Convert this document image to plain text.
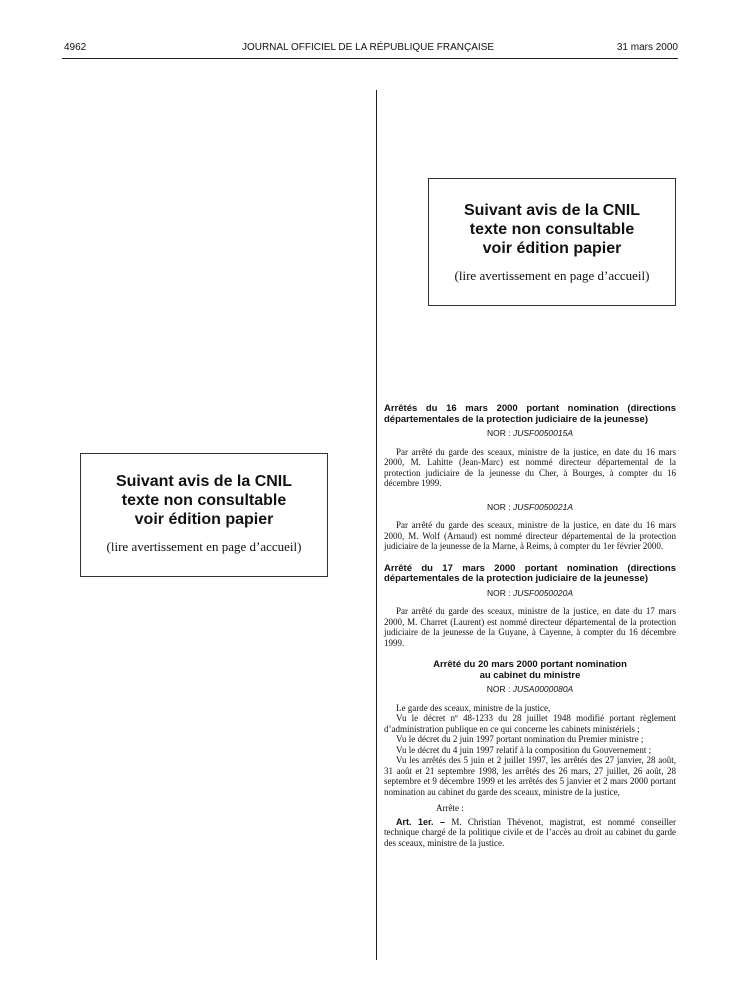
4962	JOURNAL OFFICIEL DE LA RÉPUBLIQUE FRANÇAISE	31 mars 2000
Suivant avis de la CNIL
texte non consultable
voir édition papier
(lire avertissement en page d’accueil)
Suivant avis de la CNIL
texte non consultable
voir édition papier
(lire avertissement en page d’accueil)
Arrêtés du 16 mars 2000 portant nomination (directions départementales de la protection judiciaire de la jeunesse)
NOR : JUSF0050015A

Par arrêté du garde des sceaux, ministre de la justice, en date du 16 mars 2000, M. Lahitte (Jean-Marc) est nommé directeur départemental de la protection judiciaire de la jeunesse du Cher, à Bourges, à compter du 16 décembre 1999.

NOR : JUSF0050021A

Par arrêté du garde des sceaux, ministre de la justice, en date du 16 mars 2000, M. Wolf (Arnaud) est nommé directeur départemental de la protection judiciaire de la jeunesse de la Marne, à Reims, à compter du 1er février 2000.

Arrêté du 17 mars 2000 portant nomination (directions départementales de la protection judiciaire de la jeunesse)
NOR : JUSF0050020A

Par arrêté du garde des sceaux, ministre de la justice, en date du 17 mars 2000, M. Charret (Laurent) est nommé directeur départemental de la protection judiciaire de la jeunesse de la Guyane, à Cayenne, à compter du 16 décembre 1999.

Arrêté du 20 mars 2000 portant nomination
au cabinet du ministre
NOR : JUSA0000080A

Le garde des sceaux, ministre de la justice,

Vu le décret nº 48-1233 du 28 juillet 1948 modifié portant règlement d’administration publique en ce qui concerne les cabinets ministériels ;

Vu le décret du 2 juin 1997 portant nomination du Premier ministre ;

Vu le décret du 4 juin 1997 relatif à la composition du Gouvernement ;

Vu les arrêtés des 5 juin et 2 juillet 1997, les arrêtés des 27 janvier, 28 août, 31 août et 21 septembre 1998, les arrêtés des 26 mars, 27 juillet, 26 août, 28 septembre et 9 décembre 1999 et les arrêtés des 5 janvier et 2 mars 2000 portant nomination au cabinet du garde des sceaux, ministre de la justice,

Arrête :

Art. 1er. – M. Christian Thévenot, magistrat, est nommé conseiller technique chargé de la politique civile et de l’accès au droit au cabinet du garde des sceaux, ministre de la justice.
